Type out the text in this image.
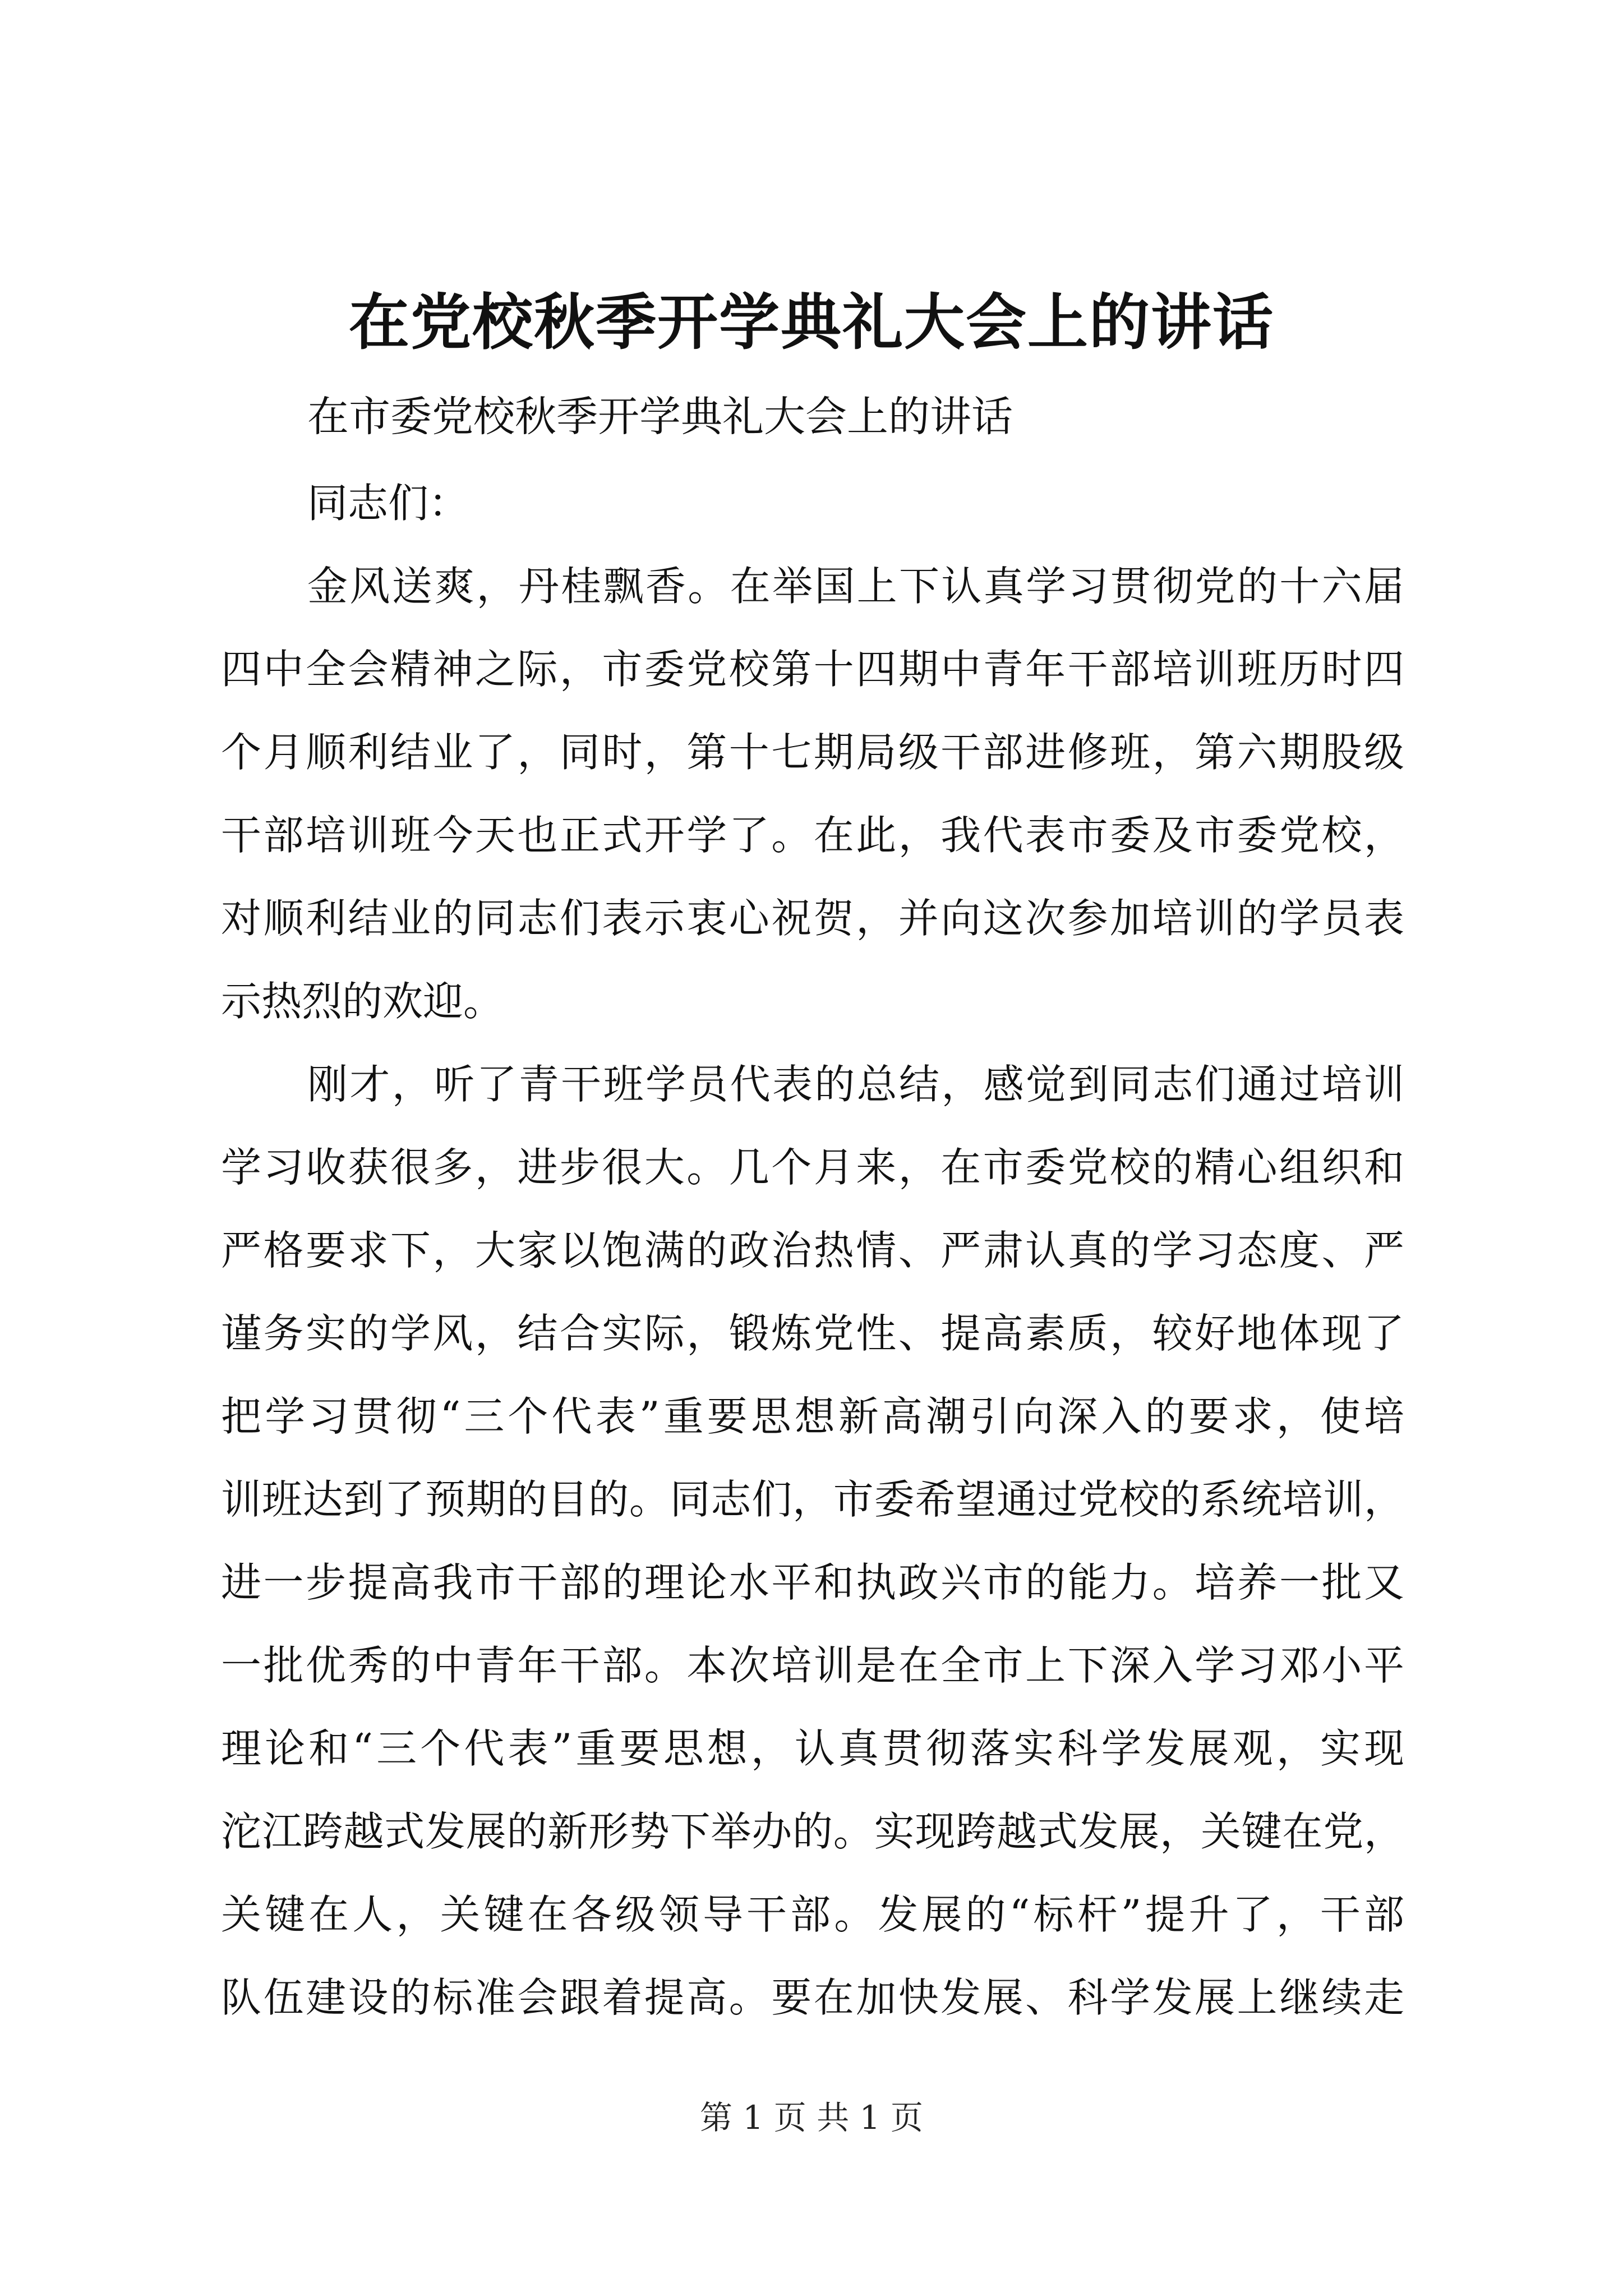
在党校秋季开学典礼大会上的讲话
在市委党校秋季开学典礼大会上的讲话
同志们：
金风送爽，丹桂飘香。在举国上下认真学习贯彻党的十六届
四中全会精神之际，市委党校第十四期中青年干部培训班历时四
个月顺利结业了，同时，第十七期局级干部进修班，第六期股级
干部培训班今天也正式开学了。在此，我代表市委及市委党校，
对顺利结业的同志们表示衷心祝贺，并向这次参加培训的学员表
示热烈的欢迎。
刚才，听了青干班学员代表的总结，感觉到同志们通过培训
学习收获很多，进步很大。几个月来，在市委党校的精心组织和
严格要求下，大家以饱满的政治热情、严肃认真的学习态度、严
谨务实的学风，结合实际，锻炼党性、提高素质，较好地体现了
把学习贯彻“三个代表”重要思想新高潮引向深入的要求，使培
训班达到了预期的目的。同志们，市委希望通过党校的系统培训，
进一步提高我市干部的理论水平和执政兴市的能力。培养一批又
一批优秀的中青年干部。本次培训是在全市上下深入学习邓小平
理论和“三个代表”重要思想，认真贯彻落实科学发展观，实现
沱江跨越式发展的新形势下举办的。实现跨越式发展，关键在党，
关键在人，关键在各级领导干部。发展的“标杆”提升了，干部
队伍建设的标准会跟着提高。要在加快发展、科学发展上继续走
第 1 页 共 1 页
